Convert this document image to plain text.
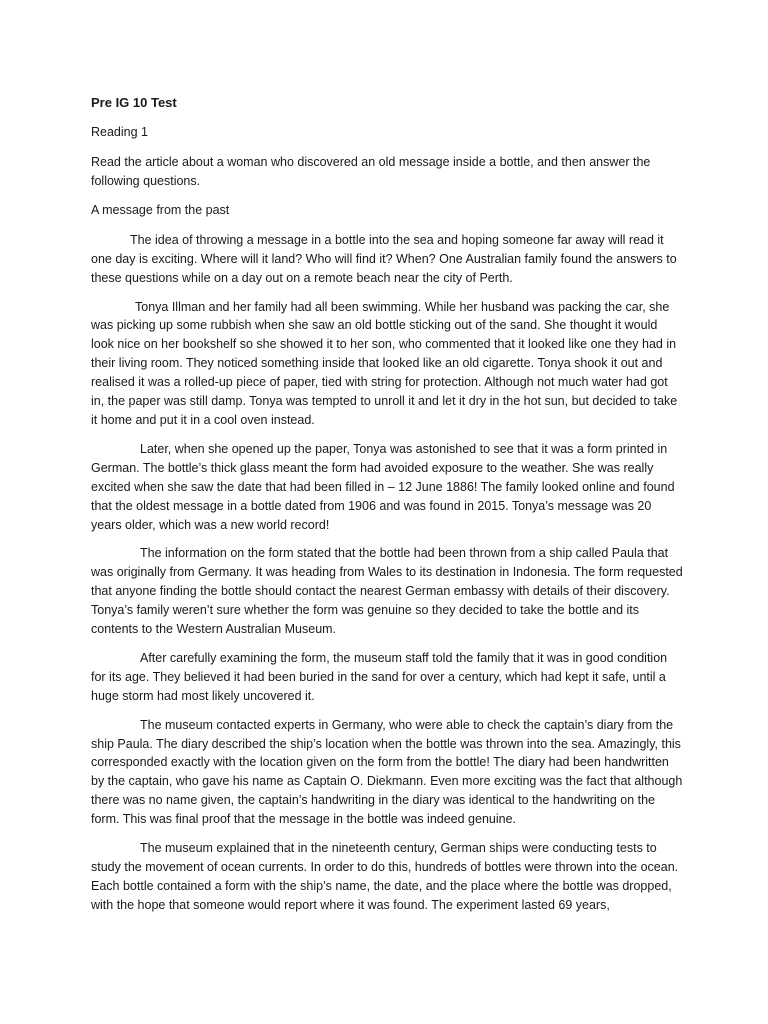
Pre IG 10 Test
Reading 1
Read the article about a woman who discovered an old message inside a bottle, and then answer the following questions.
A message from the past
The idea of throwing a message in a bottle into the sea and hoping someone far away will read it one day is exciting. Where will it land? Who will find it? When? One Australian family found the answers to these questions while on a day out on a remote beach near the city of Perth.
Tonya Illman and her family had all been swimming. While her husband was packing the car, she was picking up some rubbish when she saw an old bottle sticking out of the sand. She thought it would look nice on her bookshelf so she showed it to her son, who commented that it looked like one they had in their living room. They noticed something inside that looked like an old cigarette. Tonya shook it out and realised it was a rolled-up piece of paper, tied with string for protection. Although not much water had got in, the paper was still damp. Tonya was tempted to unroll it and let it dry in the hot sun, but decided to take it home and put it in a cool oven instead.
Later, when she opened up the paper, Tonya was astonished to see that it was a form printed in German. The bottle’s thick glass meant the form had avoided exposure to the weather. She was really excited when she saw the date that had been filled in – 12 June 1886! The family looked online and found that the oldest message in a bottle dated from 1906 and was found in 2015. Tonya’s message was 20 years older, which was a new world record!
The information on the form stated that the bottle had been thrown from a ship called Paula that was originally from Germany. It was heading from Wales to its destination in Indonesia. The form requested that anyone finding the bottle should contact the nearest German embassy with details of their discovery. Tonya’s family weren’t sure whether the form was genuine so they decided to take the bottle and its contents to the Western Australian Museum.
After carefully examining the form, the museum staff told the family that it was in good condition for its age. They believed it had been buried in the sand for over a century, which had kept it safe, until a huge storm had most likely uncovered it.
The museum contacted experts in Germany, who were able to check the captain’s diary from the ship Paula. The diary described the ship’s location when the bottle was thrown into the sea. Amazingly, this corresponded exactly with the location given on the form from the bottle! The diary had been handwritten by the captain, who gave his name as Captain O. Diekmann. Even more exciting was the fact that although there was no name given, the captain’s handwriting in the diary was identical to the handwriting on the form. This was final proof that the message in the bottle was indeed genuine.
The museum explained that in the nineteenth century, German ships were conducting tests to study the movement of ocean currents. In order to do this, hundreds of bottles were thrown into the ocean. Each bottle contained a form with the ship’s name, the date, and the place where the bottle was dropped, with the hope that someone would report where it was found. The experiment lasted 69 years,
